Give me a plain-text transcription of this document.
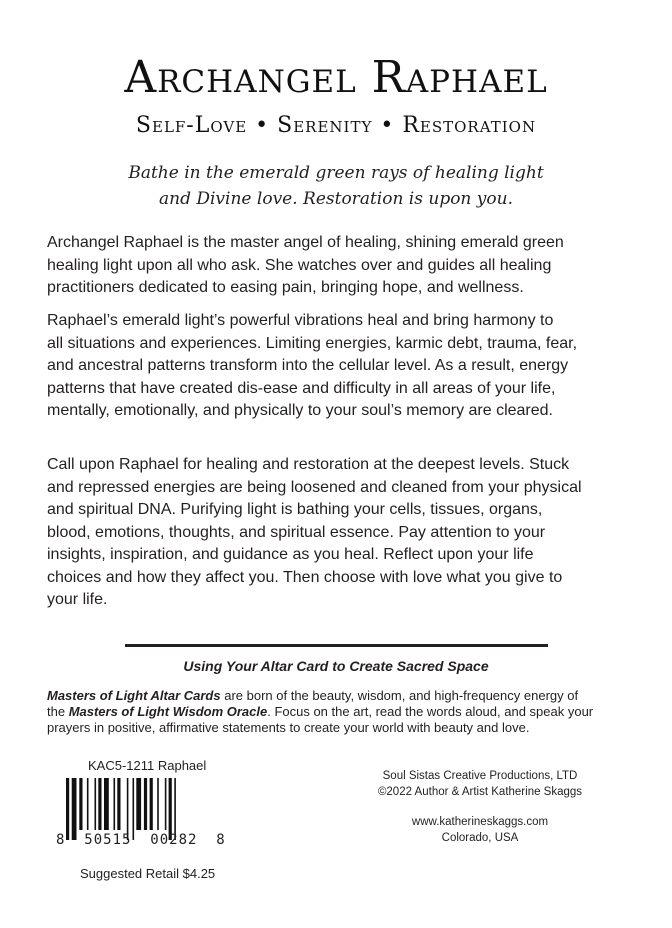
Archangel Raphael
Self-Love • Serenity • Restoration
Bathe in the emerald green rays of healing light
and Divine love. Restoration is upon you.
Archangel Raphael is the master angel of healing, shining emerald green
healing light upon all who ask. She watches over and guides all healing
practitioners dedicated to easing pain, bringing hope, and wellness.
Raphael’s emerald light’s powerful vibrations heal and bring harmony to
all situations and experiences. Limiting energies, karmic debt, trauma, fear,
and ancestral patterns transform into the cellular level. As a result, energy
patterns that have created dis-ease and difficulty in all areas of your life,
mentally, emotionally, and physically to your soul’s memory are cleared.
Call upon Raphael for healing and restoration at the deepest levels. Stuck
and repressed energies are being loosened and cleaned from your physical
and spiritual DNA. Purifying light is bathing your cells, tissues, organs,
blood, emotions, thoughts, and spiritual essence. Pay attention to your
insights, inspiration, and guidance as you heal. Reflect upon your life
choices and how they affect you. Then choose with love what you give to
your life.
Using Your Altar Card to Create Sacred Space
Masters of Light Altar Cards are born of the beauty, wisdom, and high-frequency energy of
the Masters of Light Wisdom Oracle. Focus on the art, read the words aloud, and speak your
prayers in positive, affirmative statements to create your world with beauty and love.
KAC5-1211 Raphael
8  50515  00282  8
Suggested Retail $4.25
Soul Sistas Creative Productions, LTD
©2022 Author & Artist Katherine Skaggs
www.katherineskaggs.com
Colorado, USA
